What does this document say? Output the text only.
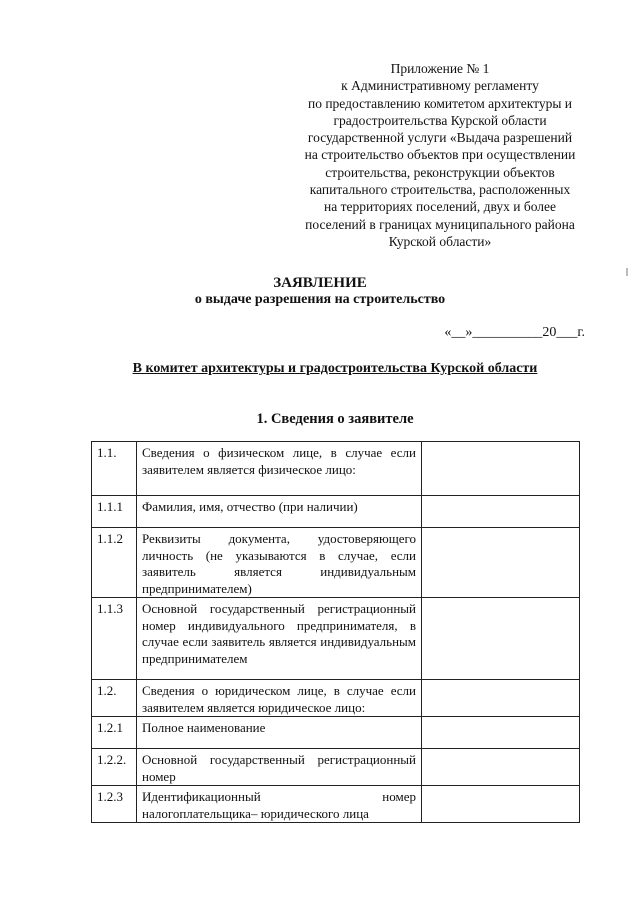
Приложение № 1
к Административному регламенту
по предоставлению комитетом архитектуры и
градостроительства Курской области
государственной услуги «Выдача разрешений
на строительство объектов при осуществлении
строительства, реконструкции объектов
капитального строительства, расположенных
на территориях поселений, двух и более
поселений в границах муниципального района
Курской области»
ЗАЯВЛЕНИЕ
о выдаче разрешения на строительство
«__»__________20___г.
В комитет архитектуры и градостроительства Курской области
1. Сведения о заявителе
1.1.	Сведения о физическом лице, в случае если заявителем является физическое лицо:	
1.1.1	Фамилия, имя, отчество (при наличии)	
1.1.2	Реквизиты документа, удостоверяющего личность (не указываются в случае, если заявитель является индивидуальным предпринимателем)	
1.1.3	Основной государственный регистрационный номер индивидуального предпринимателя, в случае если заявитель является индивидуальным предпринимателем	
1.2.	Сведения о юридическом лице, в случае если заявителем является юридическое лицо:	
1.2.1	Полное наименование	
1.2.2.	Основной государственный регистрационный номер	
1.2.3	Идентификационный номер налогоплательщика– юридического лица	
